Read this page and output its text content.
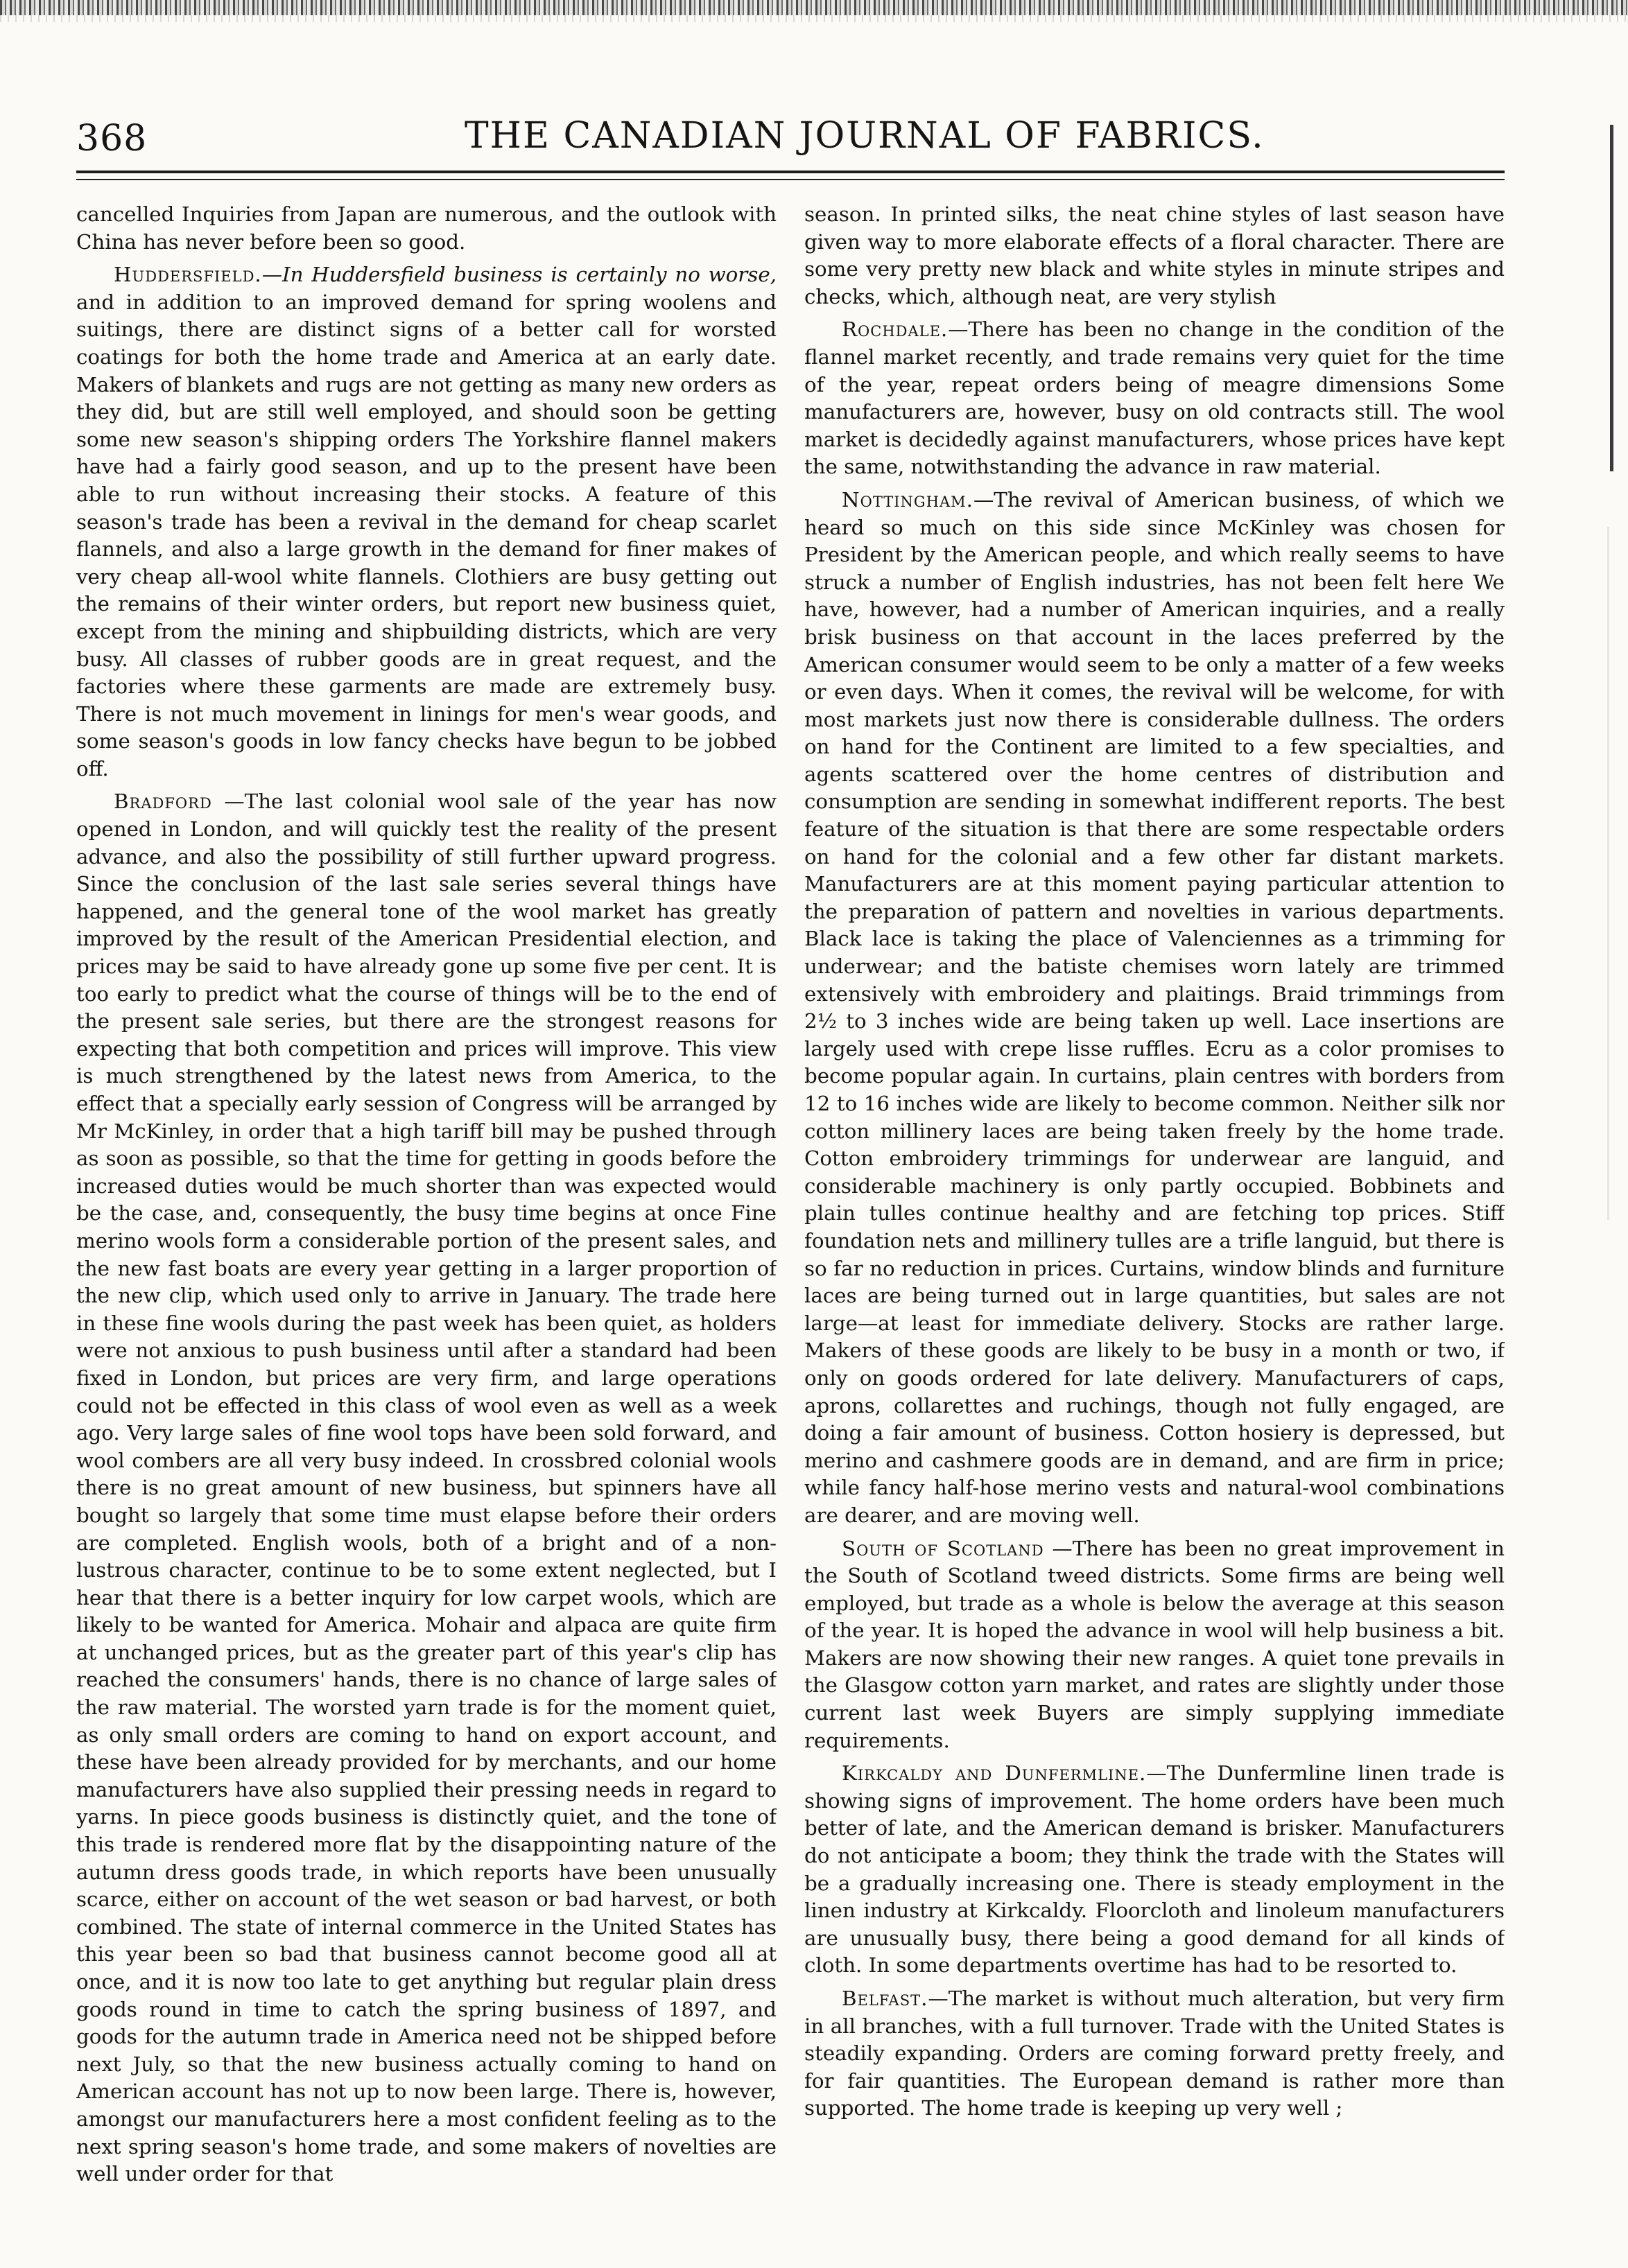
368	THE CANADIAN JOURNAL OF FABRICS.

cancelled Inquiries from Japan are numerous, and the outlook with China has never before been so good.

Huddersfield.—In Huddersfield business is certainly no worse, and in addition to an improved demand for spring woolens and suitings, there are distinct signs of a better call for worsted coatings for both the home trade and America at an early date. Makers of blankets and rugs are not getting as many new orders as they did, but are still well employed, and should soon be getting some new season's shipping orders The Yorkshire flannel makers have had a fairly good season, and up to the present have been able to run without increasing their stocks. A feature of this season's trade has been a revival in the demand for cheap scarlet flannels, and also a large growth in the demand for finer makes of very cheap all-wool white flannels. Clothiers are busy getting out the remains of their winter orders, but report new business quiet, except from the mining and shipbuilding districts, which are very busy. All classes of rubber goods are in great request, and the factories where these garments are made are extremely busy. There is not much movement in linings for men's wear goods, and some season's goods in low fancy checks have begun to be jobbed off.

Bradford —The last colonial wool sale of the year has now opened in London, and will quickly test the reality of the present advance, and also the possibility of still further upward progress. Since the conclusion of the last sale series several things have happened, and the general tone of the wool market has greatly improved by the result of the American Presidential election, and prices may be said to have already gone up some five per cent. It is too early to predict what the course of things will be to the end of the present sale series, but there are the strongest reasons for expecting that both competition and prices will improve. This view is much strengthened by the latest news from America, to the effect that a specially early session of Congress will be arranged by Mr McKinley, in order that a high tariff bill may be pushed through as soon as possible, so that the time for getting in goods before the increased duties would be much shorter than was expected would be the case, and, consequently, the busy time begins at once Fine merino wools form a considerable portion of the present sales, and the new fast boats are every year getting in a larger proportion of the new clip, which used only to arrive in January. The trade here in these fine wools during the past week has been quiet, as holders were not anxious to push business until after a standard had been fixed in London, but prices are very firm, and large operations could not be effected in this class of wool even as well as a week ago. Very large sales of fine wool tops have been sold forward, and wool combers are all very busy indeed. In crossbred colonial wools there is no great amount of new business, but spinners have all bought so largely that some time must elapse before their orders are completed. English wools, both of a bright and of a non-lustrous character, continue to be to some extent neglected, but I hear that there is a better inquiry for low carpet wools, which are likely to be wanted for America. Mohair and alpaca are quite firm at unchanged prices, but as the greater part of this year's clip has reached the consumers' hands, there is no chance of large sales of the raw material. The worsted yarn trade is for the moment quiet, as only small orders are coming to hand on export account, and these have been already provided for by merchants, and our home manufacturers have also supplied their pressing needs in regard to yarns. In piece goods business is distinctly quiet, and the tone of this trade is rendered more flat by the disappointing nature of the autumn dress goods trade, in which reports have been unusually scarce, either on account of the wet season or bad harvest, or both combined. The state of internal commerce in the United States has this year been so bad that business cannot become good all at once, and it is now too late to get anything but regular plain dress goods round in time to catch the spring business of 1897, and goods for the autumn trade in America need not be shipped before next July, so that the new business actually coming to hand on American account has not up to now been large. There is, however, amongst our manufacturers here a most confident feeling as to the next spring season's home trade, and some makers of novelties are well under order for that

season. In printed silks, the neat chine styles of last season have given way to more elaborate effects of a floral character. There are some very pretty new black and white styles in minute stripes and checks, which, although neat, are very stylish

Rochdale.—There has been no change in the condition of the flannel market recently, and trade remains very quiet for the time of the year, repeat orders being of meagre dimensions Some manufacturers are, however, busy on old contracts still. The wool market is decidedly against manufacturers, whose prices have kept the same, notwithstanding the advance in raw material.

Nottingham.—The revival of American business, of which we heard so much on this side since McKinley was chosen for President by the American people, and which really seems to have struck a number of English industries, has not been felt here We have, however, had a number of American inquiries, and a really brisk business on that account in the laces preferred by the American consumer would seem to be only a matter of a few weeks or even days. When it comes, the revival will be welcome, for with most markets just now there is considerable dullness. The orders on hand for the Continent are limited to a few specialties, and agents scattered over the home centres of distribution and consumption are sending in somewhat indifferent reports. The best feature of the situation is that there are some respectable orders on hand for the colonial and a few other far distant markets. Manufacturers are at this moment paying particular attention to the preparation of pattern and novelties in various departments. Black lace is taking the place of Valenciennes as a trimming for underwear; and the batiste chemises worn lately are trimmed extensively with embroidery and plaitings. Braid trimmings from 2½ to 3 inches wide are being taken up well. Lace insertions are largely used with crepe lisse ruffles. Ecru as a color promises to become popular again. In curtains, plain centres with borders from 12 to 16 inches wide are likely to become common. Neither silk nor cotton millinery laces are being taken freely by the home trade. Cotton embroidery trimmings for underwear are languid, and considerable machinery is only partly occupied. Bobbinets and plain tulles continue healthy and are fetching top prices. Stiff foundation nets and millinery tulles are a trifle languid, but there is so far no reduction in prices. Curtains, window blinds and furniture laces are being turned out in large quantities, but sales are not large—at least for immediate delivery. Stocks are rather large. Makers of these goods are likely to be busy in a month or two, if only on goods ordered for late delivery. Manufacturers of caps, aprons, collarettes and ruchings, though not fully engaged, are doing a fair amount of business. Cotton hosiery is depressed, but merino and cashmere goods are in demand, and are firm in price; while fancy half-hose merino vests and natural-wool combinations are dearer, and are moving well.

South of Scotland —There has been no great improvement in the South of Scotland tweed districts. Some firms are being well employed, but trade as a whole is below the average at this season of the year. It is hoped the advance in wool will help business a bit. Makers are now showing their new ranges. A quiet tone prevails in the Glasgow cotton yarn market, and rates are slightly under those current last week Buyers are simply supplying immediate requirements.

Kirkcaldy and Dunfermline.—The Dunfermline linen trade is showing signs of improvement. The home orders have been much better of late, and the American demand is brisker. Manufacturers do not anticipate a boom; they think the trade with the States will be a gradually increasing one. There is steady employment in the linen industry at Kirkcaldy. Floorcloth and linoleum manufacturers are unusually busy, there being a good demand for all kinds of cloth. In some departments overtime has had to be resorted to.

Belfast.—The market is without much alteration, but very firm in all branches, with a full turnover. Trade with the United States is steadily expanding. Orders are coming forward pretty freely, and for fair quantities. The European demand is rather more than supported. The home trade is keeping up very well ;
